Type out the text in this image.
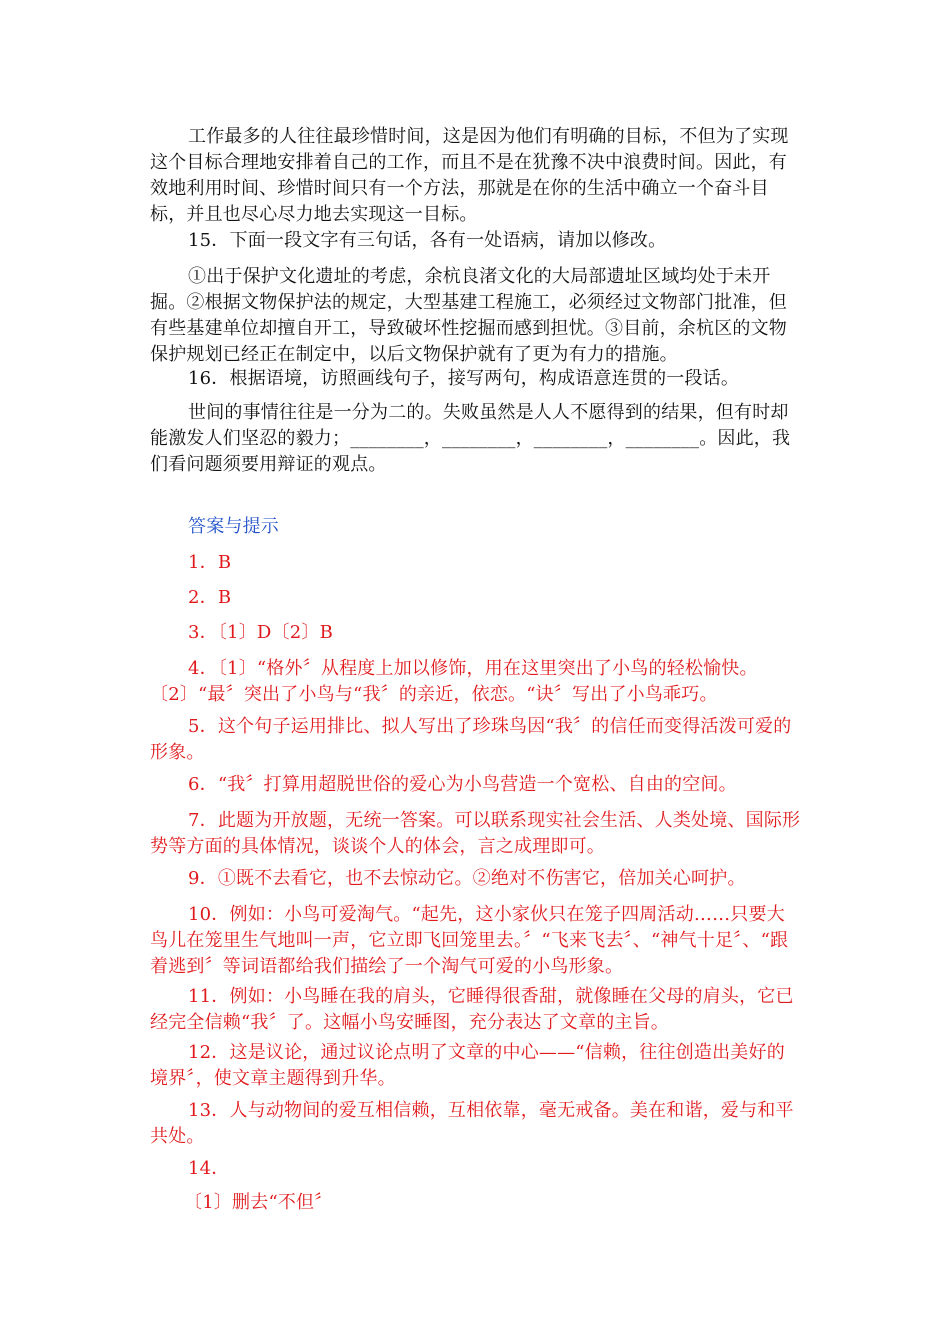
工作最多的人往往最珍惜时间，这是因为他们有明确的目标，不但为了实现这个目标合理地安排着自己的工作，而且不是在犹豫不决中浪费时间。因此，有效地利用时间、珍惜时间只有一个方法，那就是在你的生活中确立一个奋斗目标，并且也尽心尽力地去实现这一目标。

15．下面一段文字有三句话，各有一处语病，请加以修改。

①出于保护文化遗址的考虑，余杭良渚文化的大局部遗址区域均处于未开掘。②根据文物保护法的规定，大型基建工程施工，必须经过文物部门批准，但有些基建单位却擅自开工，导致破坏性挖掘而感到担忧。③目前，余杭区的文物保护规划已经正在制定中，以后文物保护就有了更为有力的措施。

16．根据语境，访照画线句子，接写两句，构成语意连贯的一段话。

世间的事情往往是一分为二的。失败虽然是人人不愿得到的结果，但有时却能激发人们坚忍的毅力；________，________，________，________。因此，我们看问题须要用辩证的观点。

答案与提示

1．B

2．B

3．〔1〕D〔2〕B

4．〔1〕“格外〞从程度上加以修饰，用在这里突出了小鸟的轻松愉快。〔2〕“最〞突出了小鸟与“我〞的亲近，依恋。“诀〞写出了小鸟乖巧。

5．这个句子运用排比、拟人写出了珍珠鸟因“我〞的信任而变得活泼可爱的形象。

6．“我〞打算用超脱世俗的爱心为小鸟营造一个宽松、自由的空间。

7．此题为开放题，无统一答案。可以联系现实社会生活、人类处境、国际形势等方面的具体情况，谈谈个人的体会，言之成理即可。

9．①既不去看它，也不去惊动它。②绝对不伤害它，倍加关心呵护。

10．例如：小鸟可爱淘气。“起先，这小家伙只在笼子四周活动……只要大鸟儿在笼里生气地叫一声，它立即飞回笼里去。〞“飞来飞去〞、“神气十足〞、“跟着逃到〞等词语都给我们描绘了一个淘气可爱的小鸟形象。

11．例如：小鸟睡在我的肩头，它睡得很香甜，就像睡在父母的肩头，它已经完全信赖“我〞了。这幅小鸟安睡图，充分表达了文章的主旨。

12．这是议论，通过议论点明了文章的中心——“信赖，往往创造出美好的境界〞，使文章主题得到升华。

13．人与动物间的爱互相信赖，互相依靠，毫无戒备。美在和谐，爱与和平共处。

14．

〔1〕删去“不但〞
